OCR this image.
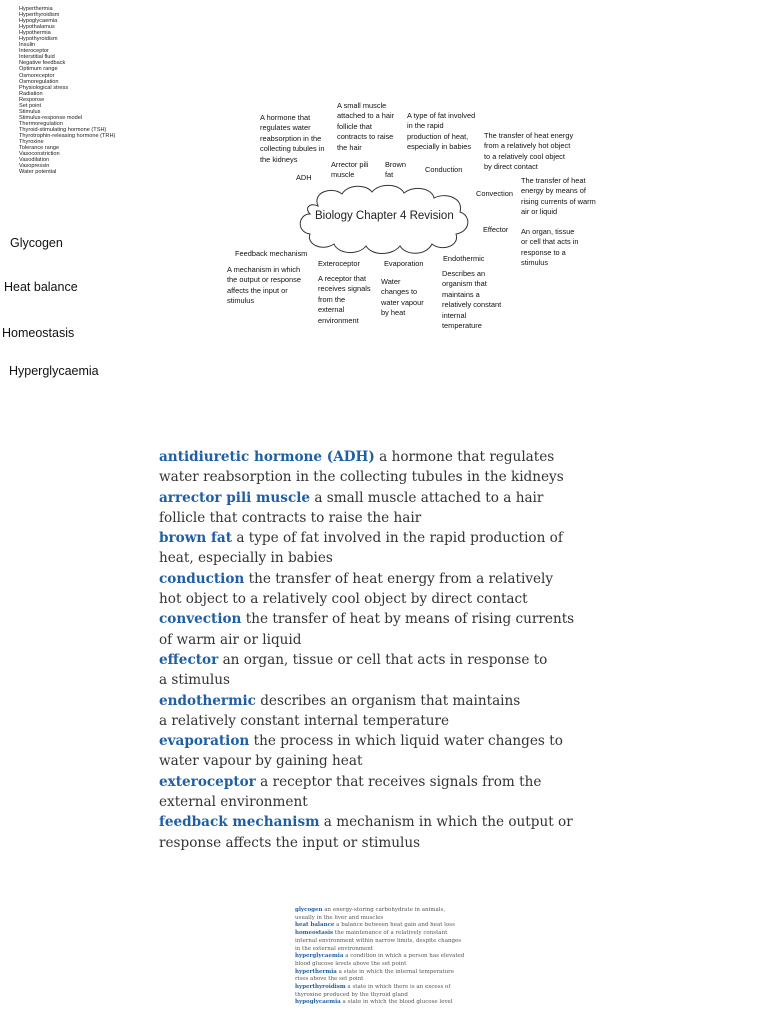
Hyperthermia
Hyperthyroidism
Hypoglycaemia
Hypothalamus
Hypothermia
Hypothyroidism
Insulin
Interoceptor
Interstitial fluid
Negative feedback
Optimum range
Osmoreceptor
Osmoregulation
Physiological stress
Radiation
Response
Set point
Stimulus
Stimulus-response model
Thermoregulation
Thyroid-stimulating hormone (TSH)
Thyrotrophin-releasing hormone (TRH)
Thyroxine
Tolerance range
Vasoconstriction
Vasodilation
Vasopressin
Water potential
Glycogen
Heat balance
Homeostasis
Hyperglycaemia
Biology Chapter 4 Revision
A hormone that
regulates water
reabsorption in the
collecting tubules in
the kidneys
ADH
A small muscle
attached to a hair
follicle that
contracts to raise
the hair
Arrector pili
muscle
A type of fat involved
in the rapid
production of heat,
especially in babies
Brown
fat
Conduction
The transfer of heat energy
from a relatively hot object
to a relatively cool object
by direct contact
Convection
The transfer of heat
energy by means of
rising currents of warm
air or liquid
Effector An organ, tissue
or cell that acts in
response to a
stimulus
Feedback mechanism
A mechanism in which
the output or response
affects the input or
stimulus
Exteroceptor
A receptor that
receives signals
from the
external
environment
Evaporation
Water
changes to
water vapour
by heat
Endothermic
Describes an
organism that
maintains a
relatively constant
internal
temperature

antidiuretic hormone (ADH) a hormone that regulates
water reabsorption in the collecting tubules in the kidneys

arrector pili muscle a small muscle attached to a hair
follicle that contracts to raise the hair

brown fat a type of fat involved in the rapid production of
heat, especially in babies

conduction the transfer of heat energy from a relatively
hot object to a relatively cool object by direct contact

convection the transfer of heat by means of rising currents
of warm air or liquid

effector an organ, tissue or cell that acts in response to
a stimulus

endothermic describes an organism that maintains
a relatively constant internal temperature

evaporation the process in which liquid water changes to
water vapour by gaining heat

exteroceptor a receptor that receives signals from the
external environment

feedback mechanism a mechanism in which the output or
response affects the input or stimulus

glycogen an energy-storing carbohydrate in animals,
usually in the liver and muscles

heat balance a balance between heat gain and heat loss

homeostasis the maintenance of a relatively constant
internal environment within narrow limits, despite changes
in the external environment

hyperglycaemia a condition in which a person has elevated
blood glucose levels above the set point

hyperthermia a state in which the internal temperature
rises above the set point

hyperthyroidism a state in which there is an excess of
thyroxine produced by the thyroid gland

hypoglycaemia a state in which the blood glucose level
